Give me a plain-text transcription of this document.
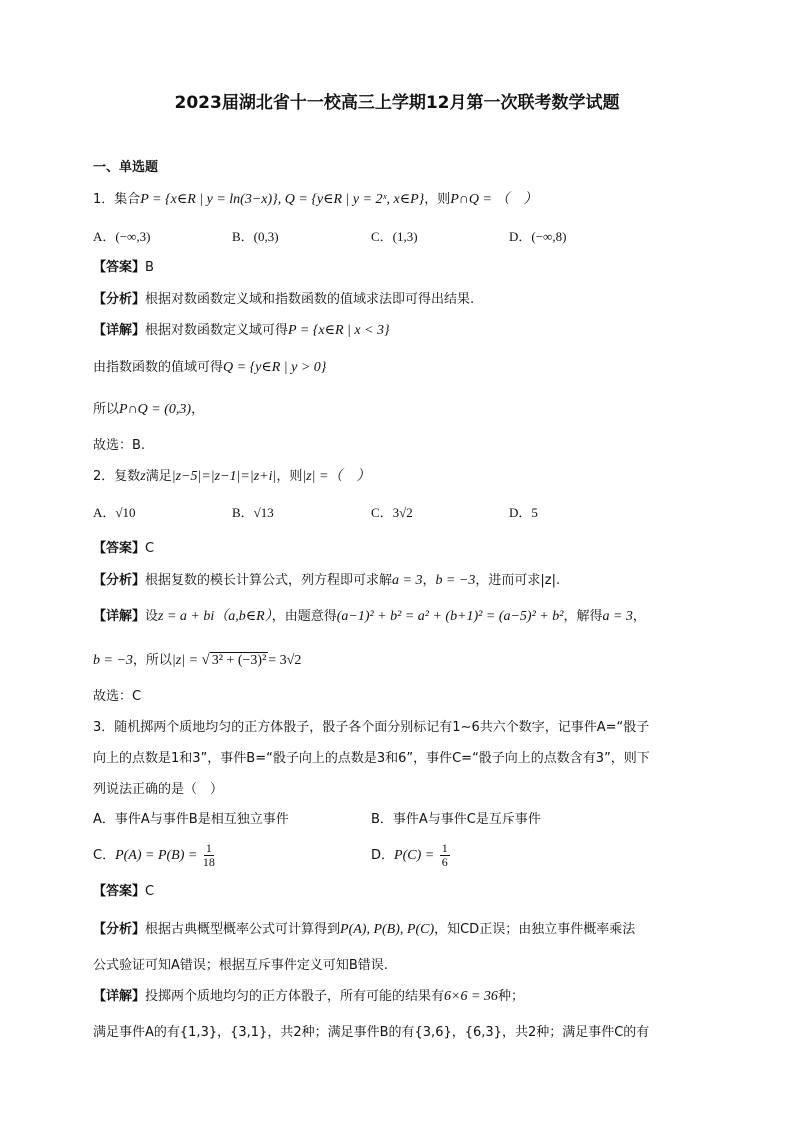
2023届湖北省十一校高三上学期12月第一次联考数学试题
一、单选题
1．集合P = {x∈R | y = ln(3−x)}, Q = {y∈R | y = 2ˣ, x∈P}，则P∩Q = （　）
A．(−∞,3)	B．(0,3)	C．(1,3)	D．(−∞,8)
【答案】B
【分析】根据对数函数定义域和指数函数的值域求法即可得出结果.
【详解】根据对数函数定义域可得P = {x∈R | x < 3}
由指数函数的值域可得Q = {y∈R | y > 0}
所以P∩Q = (0,3)，
故选：B.
2．复数z满足|z−5|=|z−1|=|z+i|，则|z| =（　）
A．√10	B．√13	C．3√2	D．5
【答案】C
【分析】根据复数的模长计算公式，列方程即可求解a = 3，b = −3，进而可求|z|.
【详解】设z = a + bi（a,b∈R），由题意得(a−1)² + b² = a² + (b+1)² = (a−5)² + b²，解得a = 3，
b = −3，所以|z| = √ 3² + (−3)² = 3√2
故选：C
3．随机掷两个质地均匀的正方体骰子，骰子各个面分别标记有1∼6共六个数字，记事件A=“骰子
向上的点数是1和3”，事件B=“骰子向上的点数是3和6”，事件C=“骰子向上的点数含有3”，则下
列说法正确的是（　）
A．事件A与事件B是相互独立事件	B．事件A与事件C是互斥事件
C．$P(A) = P(B) = \frac{1}{18}$	D．$P(C) = \frac{1}{6}$
【答案】C
【分析】根据古典概型概率公式可计算得到P(A), P(B), P(C)，知CD正误；由独立事件概率乘法
公式验证可知A错误；根据互斥事件定义可知B错误.
【详解】投掷两个质地均匀的正方体骰子，所有可能的结果有6×6 = 36种；
满足事件A的有{1,3}，{3,1}，共2种；满足事件B的有{3,6}，{6,3}，共2种；满足事件C的有
